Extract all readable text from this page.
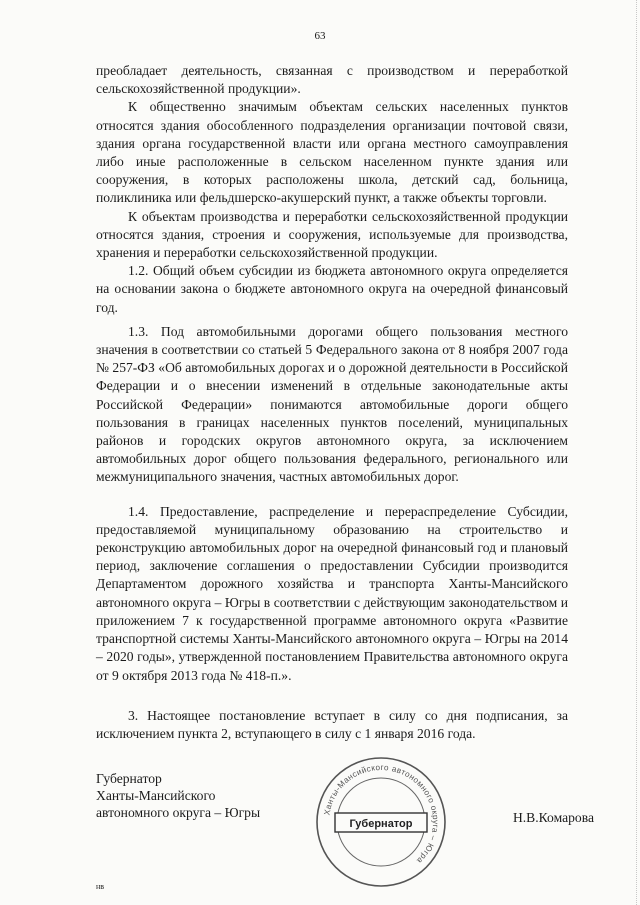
63

преобладает деятельность, связанная с производством и переработкой сельскохозяйственной продукции».

К общественно значимым объектам сельских населенных пунктов относятся здания обособленного подразделения организации почтовой связи, здания органа государственной власти или органа местного самоуправления либо иные расположенные в сельском населенном пункте здания или сооружения, в которых расположены школа, детский сад, больница, поликлиника или фельдшерско-акушерский пункт, а также объекты торговли.

К объектам производства и переработки сельскохозяйственной продукции относятся здания, строения и сооружения, используемые для производства, хранения и переработки сельскохозяйственной продукции.

1.2. Общий объем субсидии из бюджета автономного округа определяется на основании закона о бюджете автономного округа на очередной финансовый год.

1.3. Под автомобильными дорогами общего пользования местного значения в соответствии со статьей 5 Федерального закона от 8 ноября 2007 года № 257-ФЗ «Об автомобильных дорогах и о дорожной деятельности в Российской Федерации и о внесении изменений в отдельные законодательные акты Российской Федерации» понимаются автомобильные дороги общего пользования в границах населенных пунктов поселений, муниципальных районов и городских округов автономного округа, за исключением автомобильных дорог общего пользования федерального, регионального или межмуниципального значения, частных автомобильных дорог.

1.4. Предоставление, распределение и перераспределение Субсидии, предоставляемой муниципальному образованию на строительство и реконструкцию автомобильных дорог на очередной финансовый год и плановый период, заключение соглашения о предоставлении Субсидии производится Департаментом дорожного хозяйства и транспорта Ханты-Мансийского автономного округа – Югры в соответствии с действующим законодательством и приложением 7 к государственной программе автономного округа «Развитие транспортной системы Ханты-Мансийского автономного округа – Югры на 2014 – 2020 годы», утвержденной постановлением Правительства автономного округа от 9 октября 2013 года № 418-п.».

3. Настоящее постановление вступает в силу со дня подписания, за исключением пункта 2, вступающего в силу с 1 января 2016 года.

Губернатор
Ханты-Мансийского
автономного округа – Югры	Ханты-Мансийского автономного округа – Югра
Губернатор	Н.В.Комарова
нв
